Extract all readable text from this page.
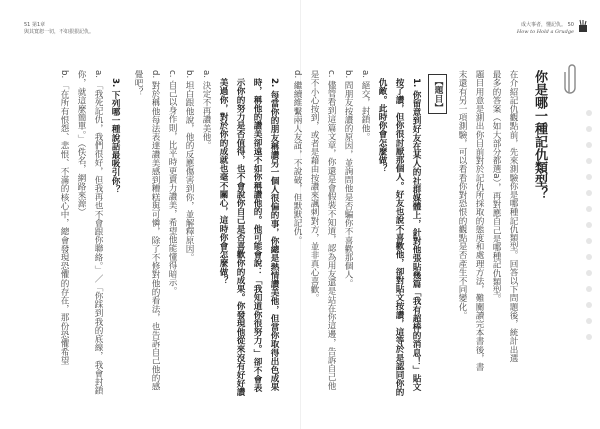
51 第1章
與其寬恕一切，不如狠狠記仇。
成大事者，懂記仇。 50
How to Hold a Grudge

你是哪一種記仇類型？

在介紹記仇觀點前，先來測驗你是哪種記仇類型。回答以下問題後，統計出選

最多的答案（如大部分都選a），再對應自己是哪種記仇類型。

題目用意是測出你目前對於記仇所採取的態度和處理方法，難關讀完本書後，書

末還有另一項測驗，可以看看你對恐恨的觀點是否產生不同變化。

【題目】

1. 你留意到好友在某人的社群媒體上，針對他張貼幾篇「我有超棒的消息！」貼文按了讚，但你很討厭那個人。好友也說不喜歡他，卻對貼文按讚，這等於是認同你的仇敵。此時你會怎麼做？

a. 絕交，封鎖他。

b. 問朋友按讚的原因，並詢問他是否騙你不喜歡那個人。

c. 儘管看到這篇文章，你還是會假裝不知道，認為用友還是站在你這邊，告訴自己他是不小心按到，或者是藉由按讚來諷刺對方，並非真心喜歡。

d. 繼續維繫兩人友誼，不說破，但默默記仇。

2. 每當你的朋友稱讚另一個人很偏的事，你總是熱情讚美他，但當你取得出色成果時，稱他的讚美卻遠不如你稱讚他的。他可能會說：「我知道你很努力。」卻不會表示你的努力是否值得，也不會說你自己是否喜歡你的成果。你發現他從來沒有好好讚美過你，對於你的成就也毫不關心，這時你會怎麼做？

a. 決定不再讚美他。

b. 坦白跟他說，他的反應傷害到你，並解釋原因。

c. 自己以身作則，比平時更賣力讚美，希望他能懂得暗示。

d. 對於稱他每法表達讚美感到糟糕與可憐，除了不修對他的看法，也告訴自己他的感覺吧？

3. 下列哪一種說話最吸引你？

a. 「我死記仇，我們很好，但我再也不會跟你聯絡。」／「你踩到我的底線，我會封鎖你，就這麼簡單。」（佚名，網路來源）

b. 「在所有恨怨、悲恨、不滿的核心中，總會發現恐懼的存在，那份恐懼希望
